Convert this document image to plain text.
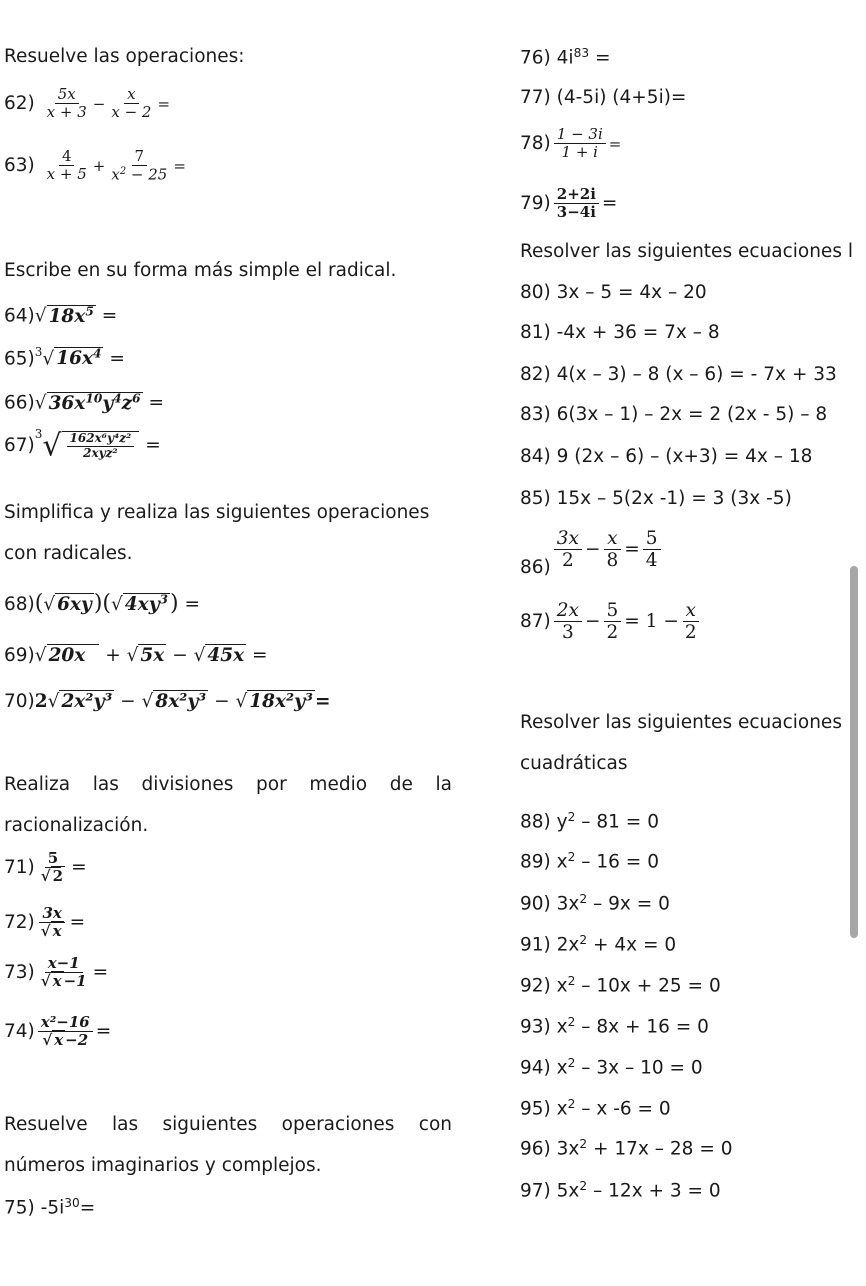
Resuelve las operaciones:
$62) \frac{5x}{x + 3} - \frac{x}{x - 2}$ =
$63) \frac{4}{x + 5} + \frac{7}{x^2 - 25}$ =
Escribe en su forma más simple el radical.
64)√ $18x^5$ =
65)$^3$√ $16x^4$ =
66)√ $36x^{10}y^4z^6$ =
$67)^3√ \frac{\text{162x⁶y⁴z²}}{\text{2xyz²}}$ =
Simplifica y realiza las siguientes operaciones
con radicales.
68)(√ 6xy)(√ $4xy^3$) =
69)√ 20x + √ 5x − √ 45x =
70)2√ 2x²y³ − √ 8x²y³ − √ 18x²y³ =
Realiza las divisiones por medio de la
racionalización.
$71) \frac{5}{√ 2}$ =
$72) \frac{3x}{√ x}$ =
$73) \frac{x-1}{√ x -1}$ =
$74) \frac{\text{x²−16}}{√ x -2}$ =
Resuelve las siguientes operaciones con
números imaginarios y complejos.
75) $-5i^{30}=$
76) $4i^{83}$ =
77) (4-5i) (4+5i)=
$78) \frac{1 - 3i}{1 + i}$ =
$79) \frac{2+2i}{3-4i}$ =
Resolver las siguientes ecuaciones l
80) 3x – 5 = 4x – 20
81) -4x + 36 = 7x – 8
82) 4(x – 3) – 8 (x – 6) = - 7x + 33
83) 6(3x – 1) – 2x = 2 (2x - 5) – 8
84) 9 (2x – 6) – (x+3) = 4x – 18
85) 15x – 5(2x -1) = 3 (3x -5)
$86) \frac{3x}{2} - \frac{x}{8} = \frac{5}{4}$
$87) \frac{2x}{3} - \frac{5}{2} = 1 - \frac{x}{2}$
Resolver las siguientes ecuaciones
cuadráticas
88) $y^2 - 81 = 0$
89) $x^2 - 16 = 0$
90) $3x^2 - 9x = 0$
91) $2x^2 + 4x = 0$
92) $x^2 - 10x + 25 = 0$
93) $x^2 - 8x + 16 = 0$
94) $x^2 - 3x - 10 = 0$
95) $x^2$ – x -6 = 0
96) $3x^2 + 17x - 28 = 0$
97) $5x^2 - 12x + 3 = 0$
